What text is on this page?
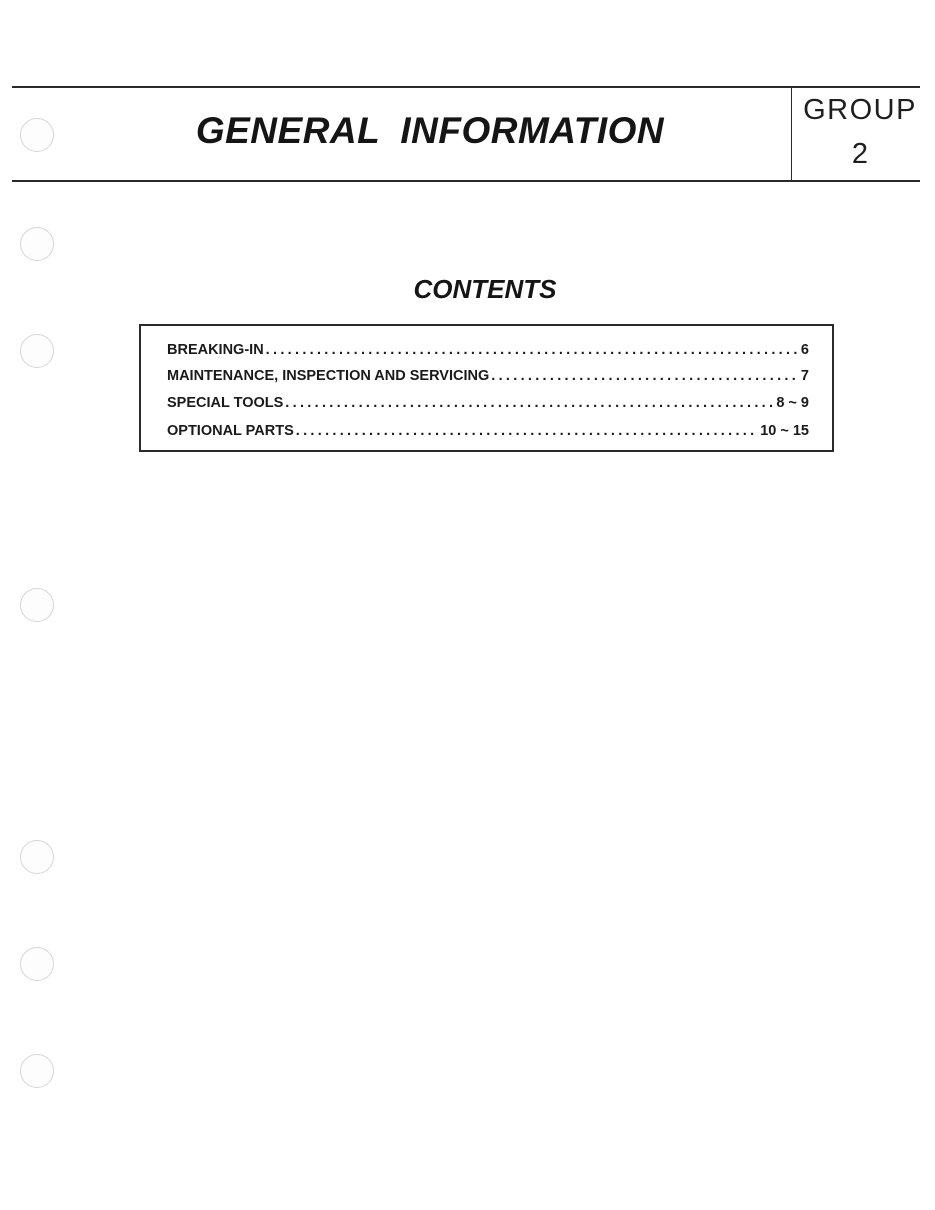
GENERAL INFORMATION	GROUP
2
CONTENTS
BREAKING-IN .....	6
MAINTENANCE, INSPECTION AND SERVICING .....	7
SPECIAL TOOLS .....	8 ~ 9
OPTIONAL PARTS .....	10 ~ 15
